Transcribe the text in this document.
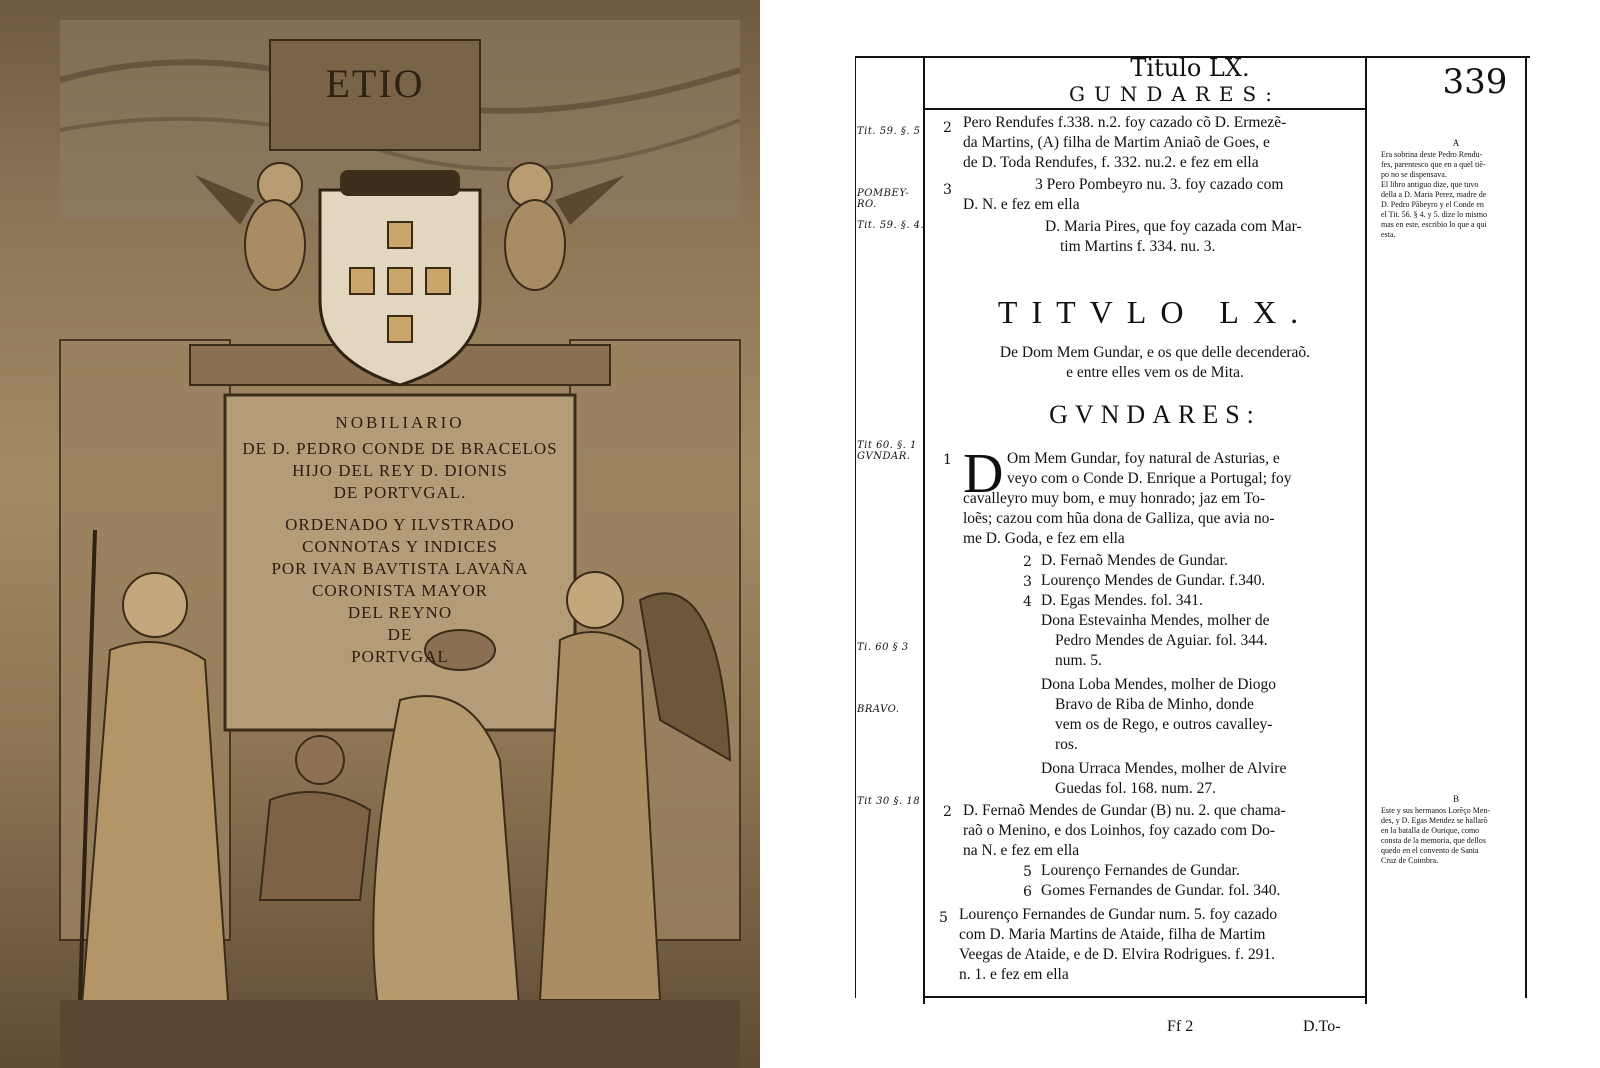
ETIO
NOBILIARIO
DE D. PEDRO CONDE DE BRACELOS
HIJO DEL REY D. DIONIS
DE PORTVGAL.
ORDENADO Y ILVSTRADO
CONNOTAS Y INDICES
POR IVAN BAVTISTA LAVAÑA
CORONISTA MAYOR
DEL REYNO
DE
PORTVGAL
Titulo LX.
GUNDARES:	339
Tit. 59. §. 5
POMBEY-RO.
Tit. 59. §. 4.
Tit 60. §. 1 GVNDAR.
Ti. 60 § 3
BRAVO.
Tit 30 §. 18
2
3
1
2
3
4
2
5
6
5
Pero Rendufes f.338. n.2. foy cazado cõ D. Ermezẽ-
da Martins, (A) filha de Martim Aniaõ de Goes, e
de D. Toda Rendufes, f. 332. nu.2. e fez em ella
3 Pero Pombeyro nu. 3. foy cazado com
D. N. e fez em ella
D. Maria Pires, que foy cazada com Mar-
tim Martins f. 334. nu. 3.
TITVLO LX.
De Dom Mem Gundar, e os que delle decenderaõ.
e entre elles vem os de Mita.
GVNDARES:
D Om Mem Gundar, foy natural de Asturias, e
veyo com o Conde D. Enrique a Portugal; foy
cavalleyro muy bom, e muy honrado; jaz em To-
loẽs; cazou com hũa dona de Galliza, que avia no-
me D. Goda, e fez em ella
D. Fernaõ Mendes de Gundar.
Lourenço Mendes de Gundar. f.340.
D. Egas Mendes. fol. 341.
Dona Estevainha Mendes, molher de
Pedro Mendes de Aguiar. fol. 344.
num. 5.
Dona Loba Mendes, molher de Diogo
Bravo de Riba de Minho, donde
vem os de Rego, e outros cavalley-
ros.
Dona Urraca Mendes, molher de Alvire
Guedas fol. 168. num. 27.
D. Fernaõ Mendes de Gundar (B) nu. 2. que chama-
raõ o Menino, e dos Loinhos, foy cazado com Do-
na N. e fez em ella
Lourenço Fernandes de Gundar.
Gomes Fernandes de Gundar. fol. 340.
Lourenço Fernandes de Gundar num. 5. foy cazado
com D. Maria Martins de Ataide, filha de Martim
Veegas de Ataide, e de D. Elvira Rodrigues. f. 291.
n. 1. e fez em ella
A
Era sobrina deste Pedro Rendu-
fes, parentesco que en a quel tiẽ-
po no se dispensava.
El libro antiguo dize, que tuvo
della a D. Maria Perez, madre de
D. Pedro Pãbeyro y el Conde en
el Tit. 56. § 4. y 5. dize lo mismo
mas en este, escribio lo que a qui
esta.
B
Este y sus hermanos Lorẽço Men-
des, y D. Egas Mendez se hallarõ
en la batalla de Ourique, como
consta de la memoria, que dellos
quedo en el convento de Santa
Cruz de Coimbra.
Ff 2	D.To-
